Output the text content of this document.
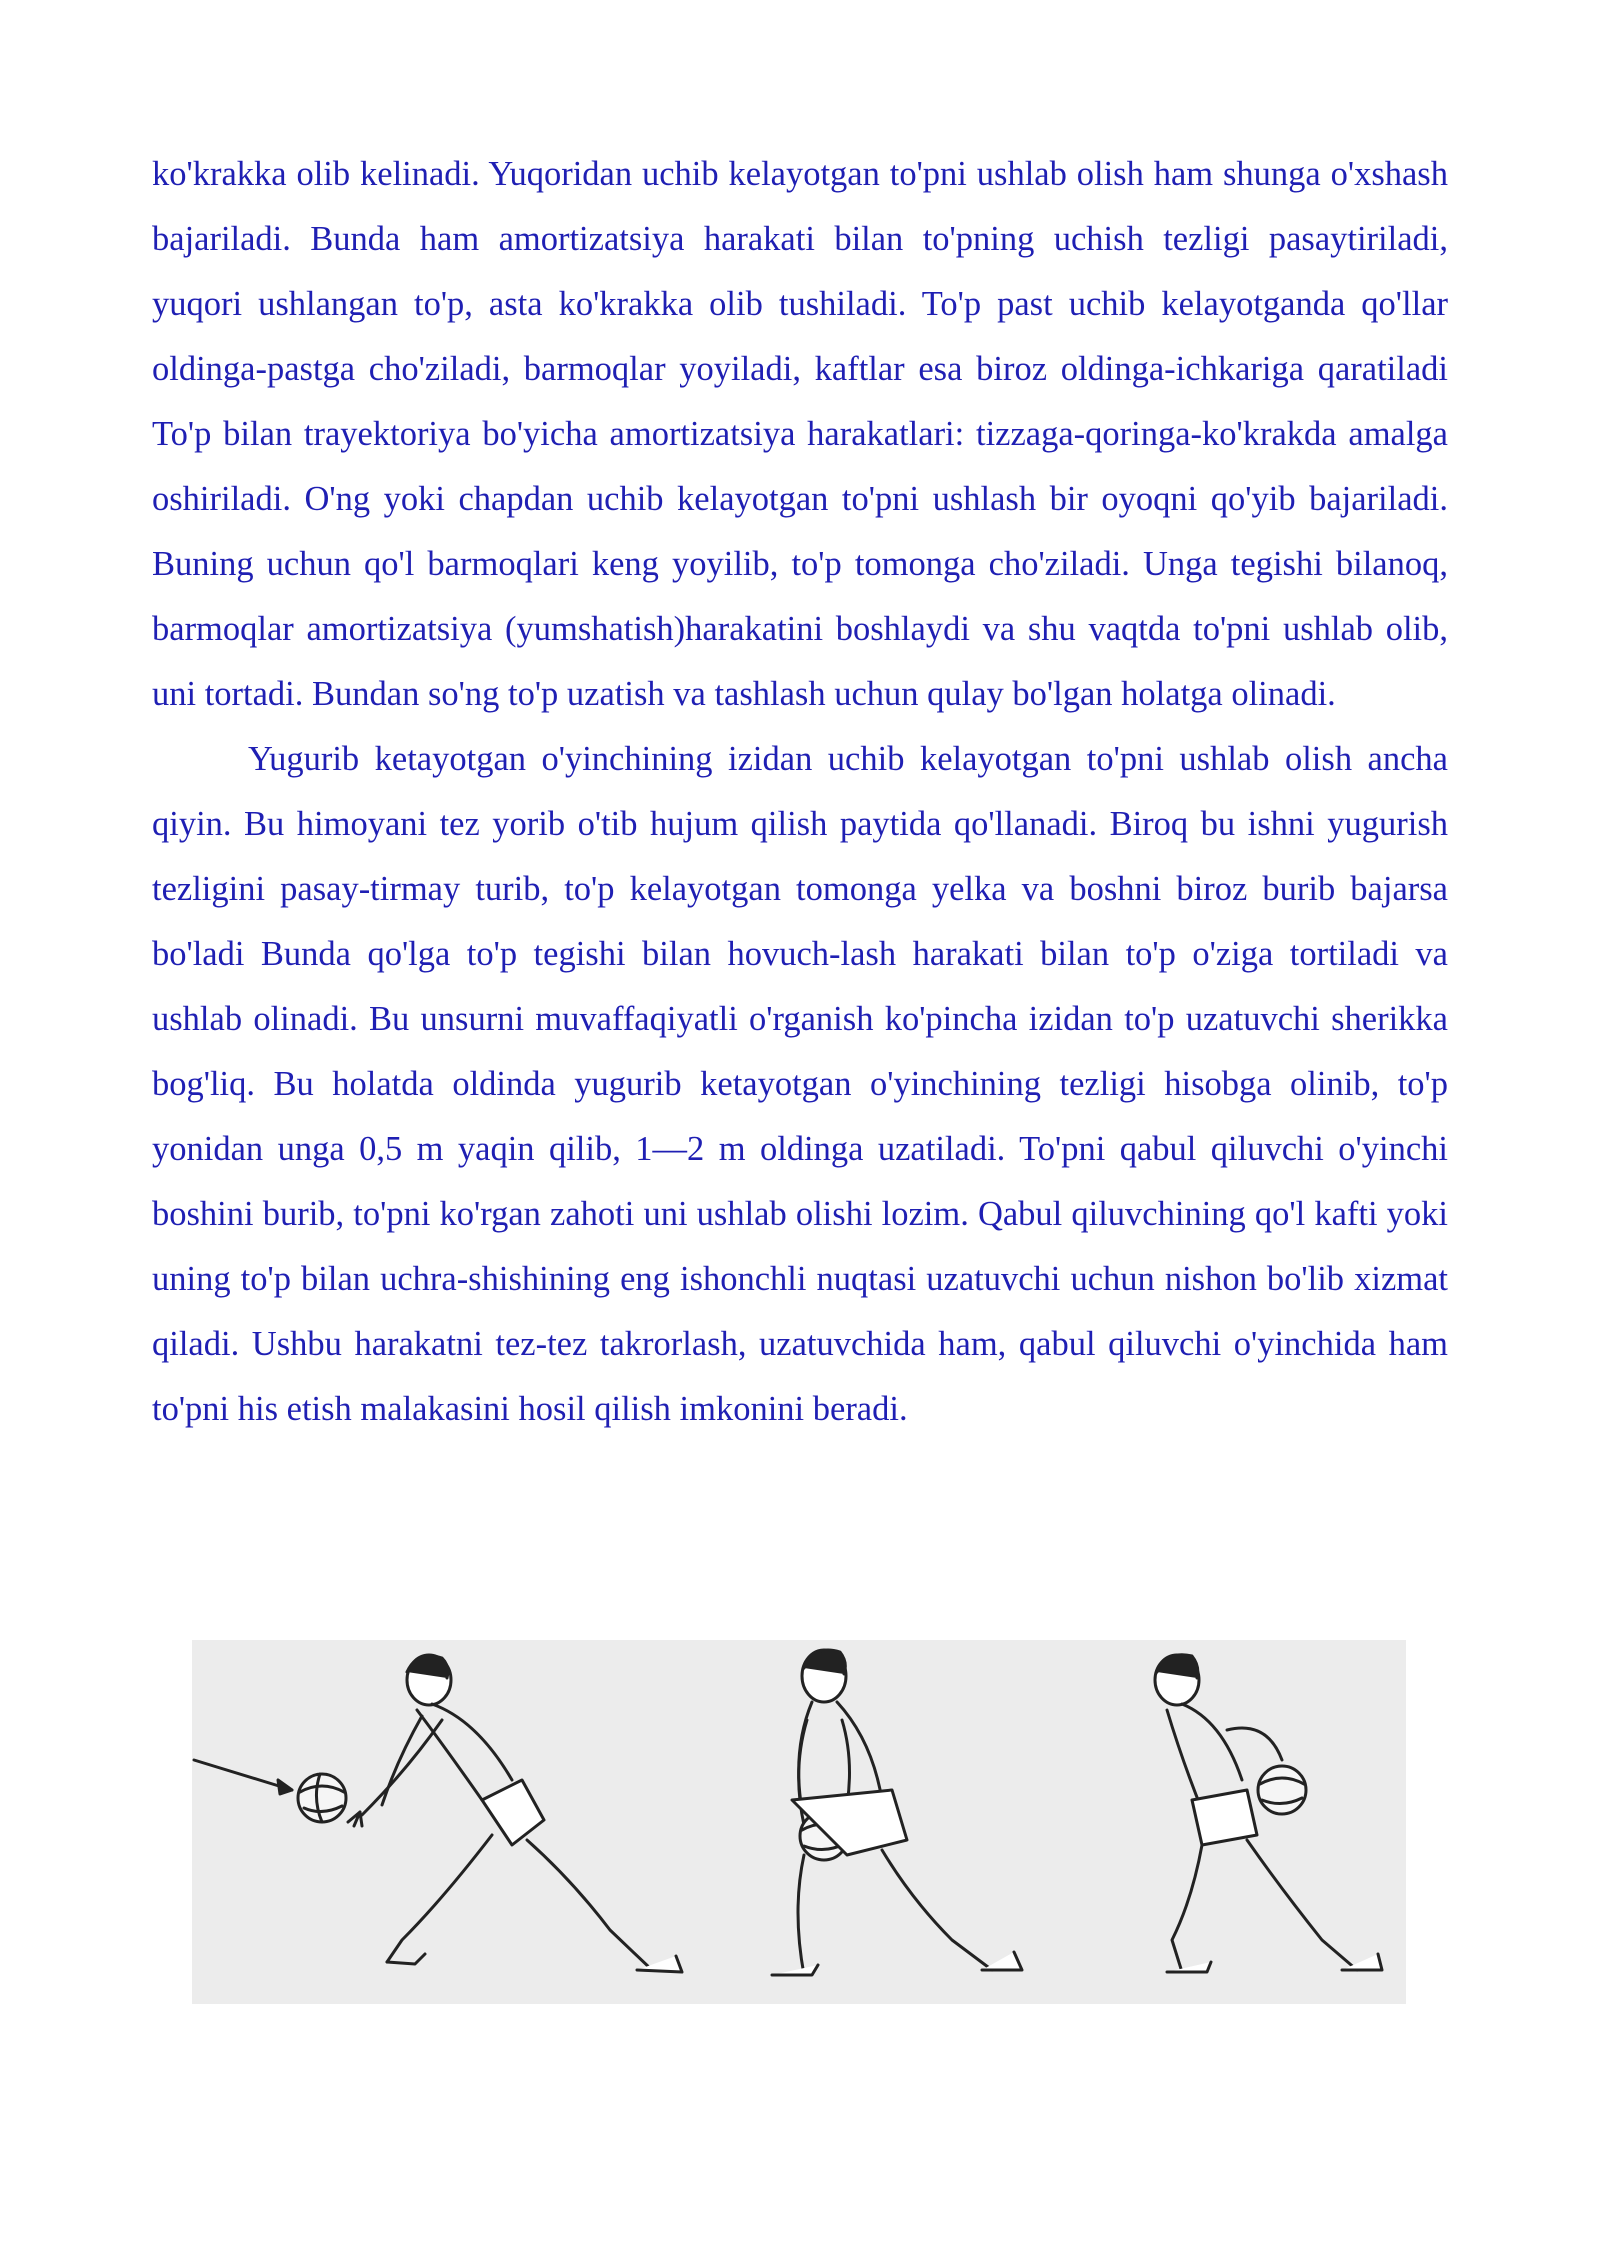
ko'krakka olib kelinadi. Yuqoridan uchib kelayotgan to'pni ushlab olish ham shunga o'xshash bajariladi. Bunda ham amortizatsiya harakati bilan to'pning uchish tezligi pasaytiriladi, yuqori ushlangan to'p, asta ko'krakka olib tushiladi. To'p past uchib kelayotganda qo'llar oldinga-pastga cho'ziladi, barmoqlar yoyiladi, kaftlar esa biroz oldinga-ichkariga qaratiladi To'p bilan trayektoriya bo'yicha amortizatsiya harakatlari: tizzaga-qoringa-ko'krakda amalga oshiriladi. O'ng yoki chapdan uchib kelayotgan to'pni ushlash bir oyoqni qo'yib bajariladi. Buning uchun qo'l barmoqlari keng yoyilib, to'p tomonga cho'ziladi. Unga tegishi bilanoq, barmoqlar amortizatsiya (yumshatish)harakatini boshlaydi va shu vaqtda to'pni ushlab olib, uni tortadi. Bundan so'ng to'p uzatish va tashlash uchun qulay bo'lgan holatga olinadi.

Yugurib ketayotgan o'yinchining izidan uchib kelayotgan to'pni ushlab olish ancha qiyin. Bu himoyani tez yorib o'tib hujum qilish paytida qo'llanadi. Biroq bu ishni yugurish tezligini pasay-tirmay turib, to'p kelayotgan tomonga yelka va boshni biroz burib bajarsa bo'ladi Bunda qo'lga to'p tegishi bilan hovuch-lash harakati bilan to'p o'ziga tortiladi va ushlab olinadi. Bu unsurni muvaffaqiyatli o'rganish ko'pincha izidan to'p uzatuvchi sherikka bog'liq. Bu holatda oldinda yugurib ketayotgan o'yinchining tezligi hisobga olinib, to'p yonidan unga 0,5 m yaqin qilib, 1—2 m oldinga uzatiladi. To'pni qabul qiluvchi o'yinchi boshini burib, to'pni ko'rgan zahoti uni ushlab olishi lozim. Qabul qiluvchining qo'l kafti yoki uning to'p bilan uchra-shishining eng ishonchli nuqtasi uzatuvchi uchun nishon bo'lib xizmat qiladi. Ushbu harakatni tez-tez takrorlash, uzatuvchida ham, qabul qiluvchi o'yinchida ham to'pni his etish malakasini hosil qilish imkonini beradi.
